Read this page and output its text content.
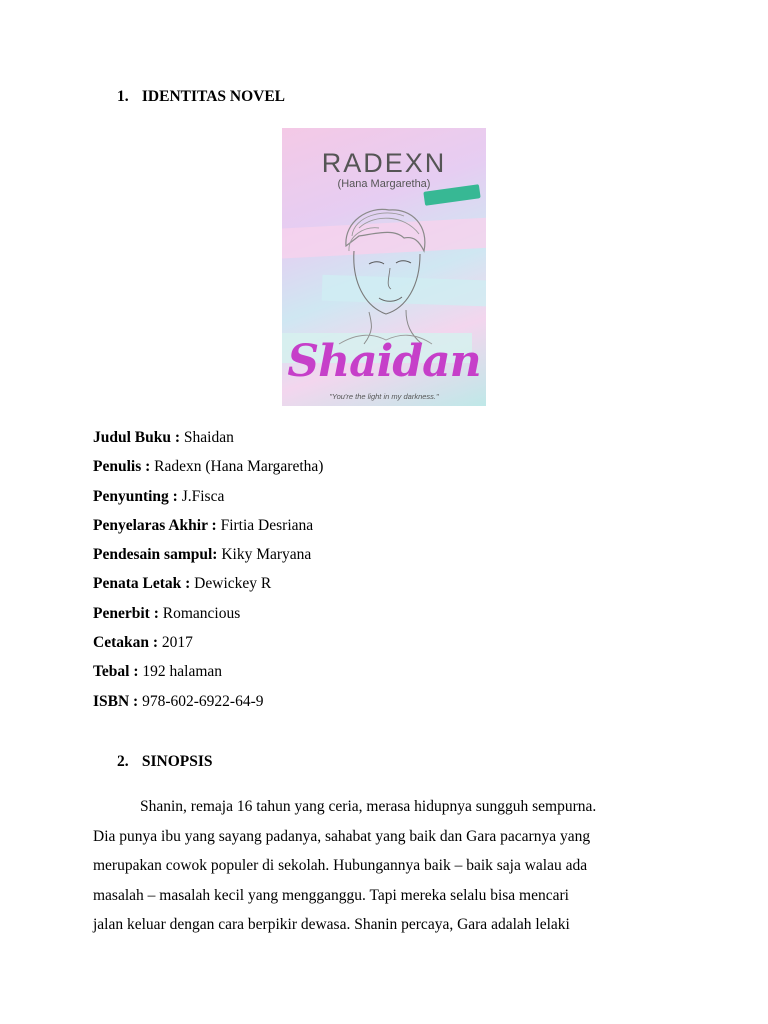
1. IDENTITAS NOVEL
RADEXN
(Hana Margaretha)
Shaidan
"You're the light in my darkness."
Judul Buku : Shaidan
Penulis : Radexn (Hana Margaretha)
Penyunting : J.Fisca
Penyelaras Akhir : Firtia Desriana
Pendesain sampul: Kiky Maryana
Penata Letak : Dewickey R
Penerbit : Romancious
Cetakan : 2017
Tebal : 192 halaman
ISBN : 978-602-6922-64-9
2. SINOPSIS
Shanin, remaja 16 tahun yang ceria, merasa hidupnya sungguh sempurna.
Dia punya ibu yang sayang padanya, sahabat yang baik dan Gara pacarnya yang
merupakan cowok populer di sekolah. Hubungannya baik – baik saja walau ada
masalah – masalah kecil yang mengganggu. Tapi mereka selalu bisa mencari
jalan keluar dengan cara berpikir dewasa. Shanin percaya, Gara adalah lelaki
